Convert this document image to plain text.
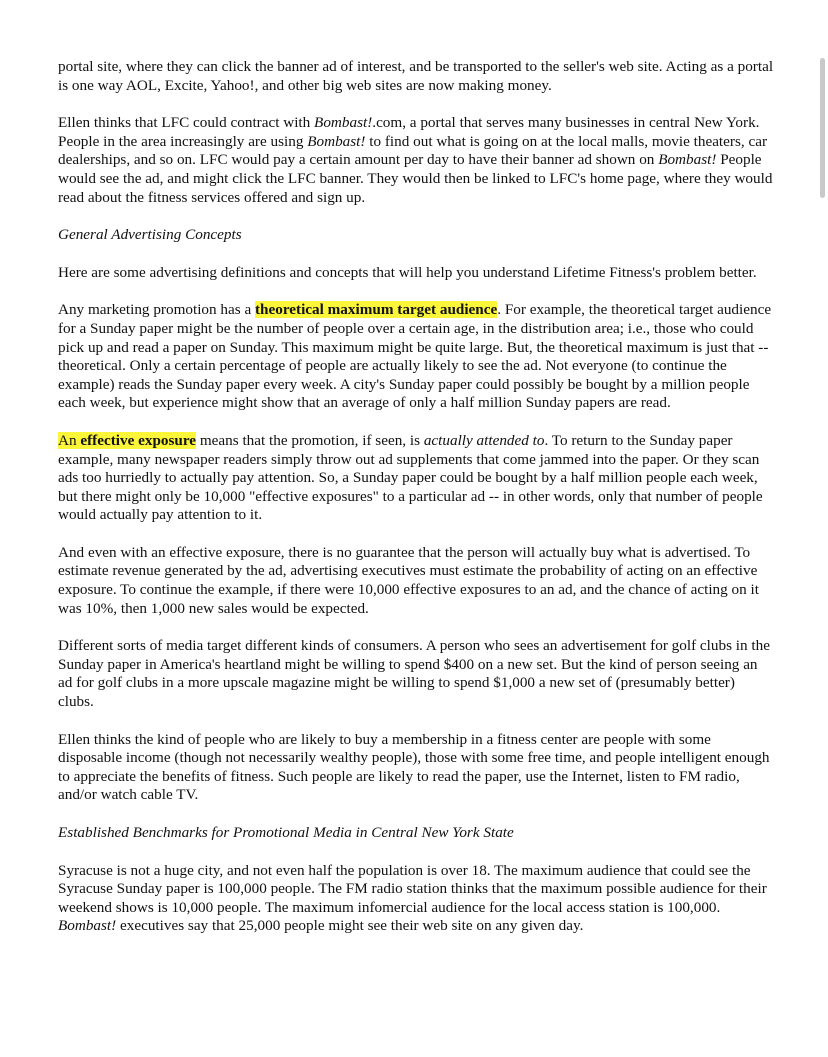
portal site, where they can click the banner ad of interest, and be transported to the seller's web site. Acting as a portal is one way AOL, Excite, Yahoo!, and other big web sites are now making money.

Ellen thinks that LFC could contract with Bombast!.com, a portal that serves many businesses in central New York. People in the area increasingly are using Bombast! to find out what is going on at the local malls, movie theaters, car dealerships, and so on. LFC would pay a certain amount per day to have their banner ad shown on Bombast! People would see the ad, and might click the LFC banner. They would then be linked to LFC's home page, where they would read about the fitness services offered and sign up.

General Advertising Concepts

Here are some advertising definitions and concepts that will help you understand Lifetime Fitness's problem better.

Any marketing promotion has a theoretical maximum target audience. For example, the theoretical target audience for a Sunday paper might be the number of people over a certain age, in the distribution area; i.e., those who could pick up and read a paper on Sunday. This maximum might be quite large. But, the theoretical maximum is just that -- theoretical. Only a certain percentage of people are actually likely to see the ad. Not everyone (to continue the example) reads the Sunday paper every week. A city's Sunday paper could possibly be bought by a million people each week, but experience might show that an average of only a half million Sunday papers are read.

An effective exposure means that the promotion, if seen, is actually attended to. To return to the Sunday paper example, many newspaper readers simply throw out ad supplements that come jammed into the paper. Or they scan ads too hurriedly to actually pay attention. So, a Sunday paper could be bought by a half million people each week, but there might only be 10,000 "effective exposures" to a particular ad -- in other words, only that number of people would actually pay attention to it.

And even with an effective exposure, there is no guarantee that the person will actually buy what is advertised. To estimate revenue generated by the ad, advertising executives must estimate the probability of acting on an effective exposure. To continue the example, if there were 10,000 effective exposures to an ad, and the chance of acting on it was 10%, then 1,000 new sales would be expected.

Different sorts of media target different kinds of consumers. A person who sees an advertisement for golf clubs in the Sunday paper in America's heartland might be willing to spend $400 on a new set. But the kind of person seeing an ad for golf clubs in a more upscale magazine might be willing to spend $1,000 a new set of (presumably better) clubs.

Ellen thinks the kind of people who are likely to buy a membership in a fitness center are people with some disposable income (though not necessarily wealthy people), those with some free time, and people intelligent enough to appreciate the benefits of fitness. Such people are likely to read the paper, use the Internet, listen to FM radio, and/or watch cable TV.

Established Benchmarks for Promotional Media in Central New York State

Syracuse is not a huge city, and not even half the population is over 18. The maximum audience that could see the Syracuse Sunday paper is 100,000 people. The FM radio station thinks that the maximum possible audience for their weekend shows is 10,000 people. The maximum infomercial audience for the local access station is 100,000. Bombast! executives say that 25,000 people might see their web site on any given day.
